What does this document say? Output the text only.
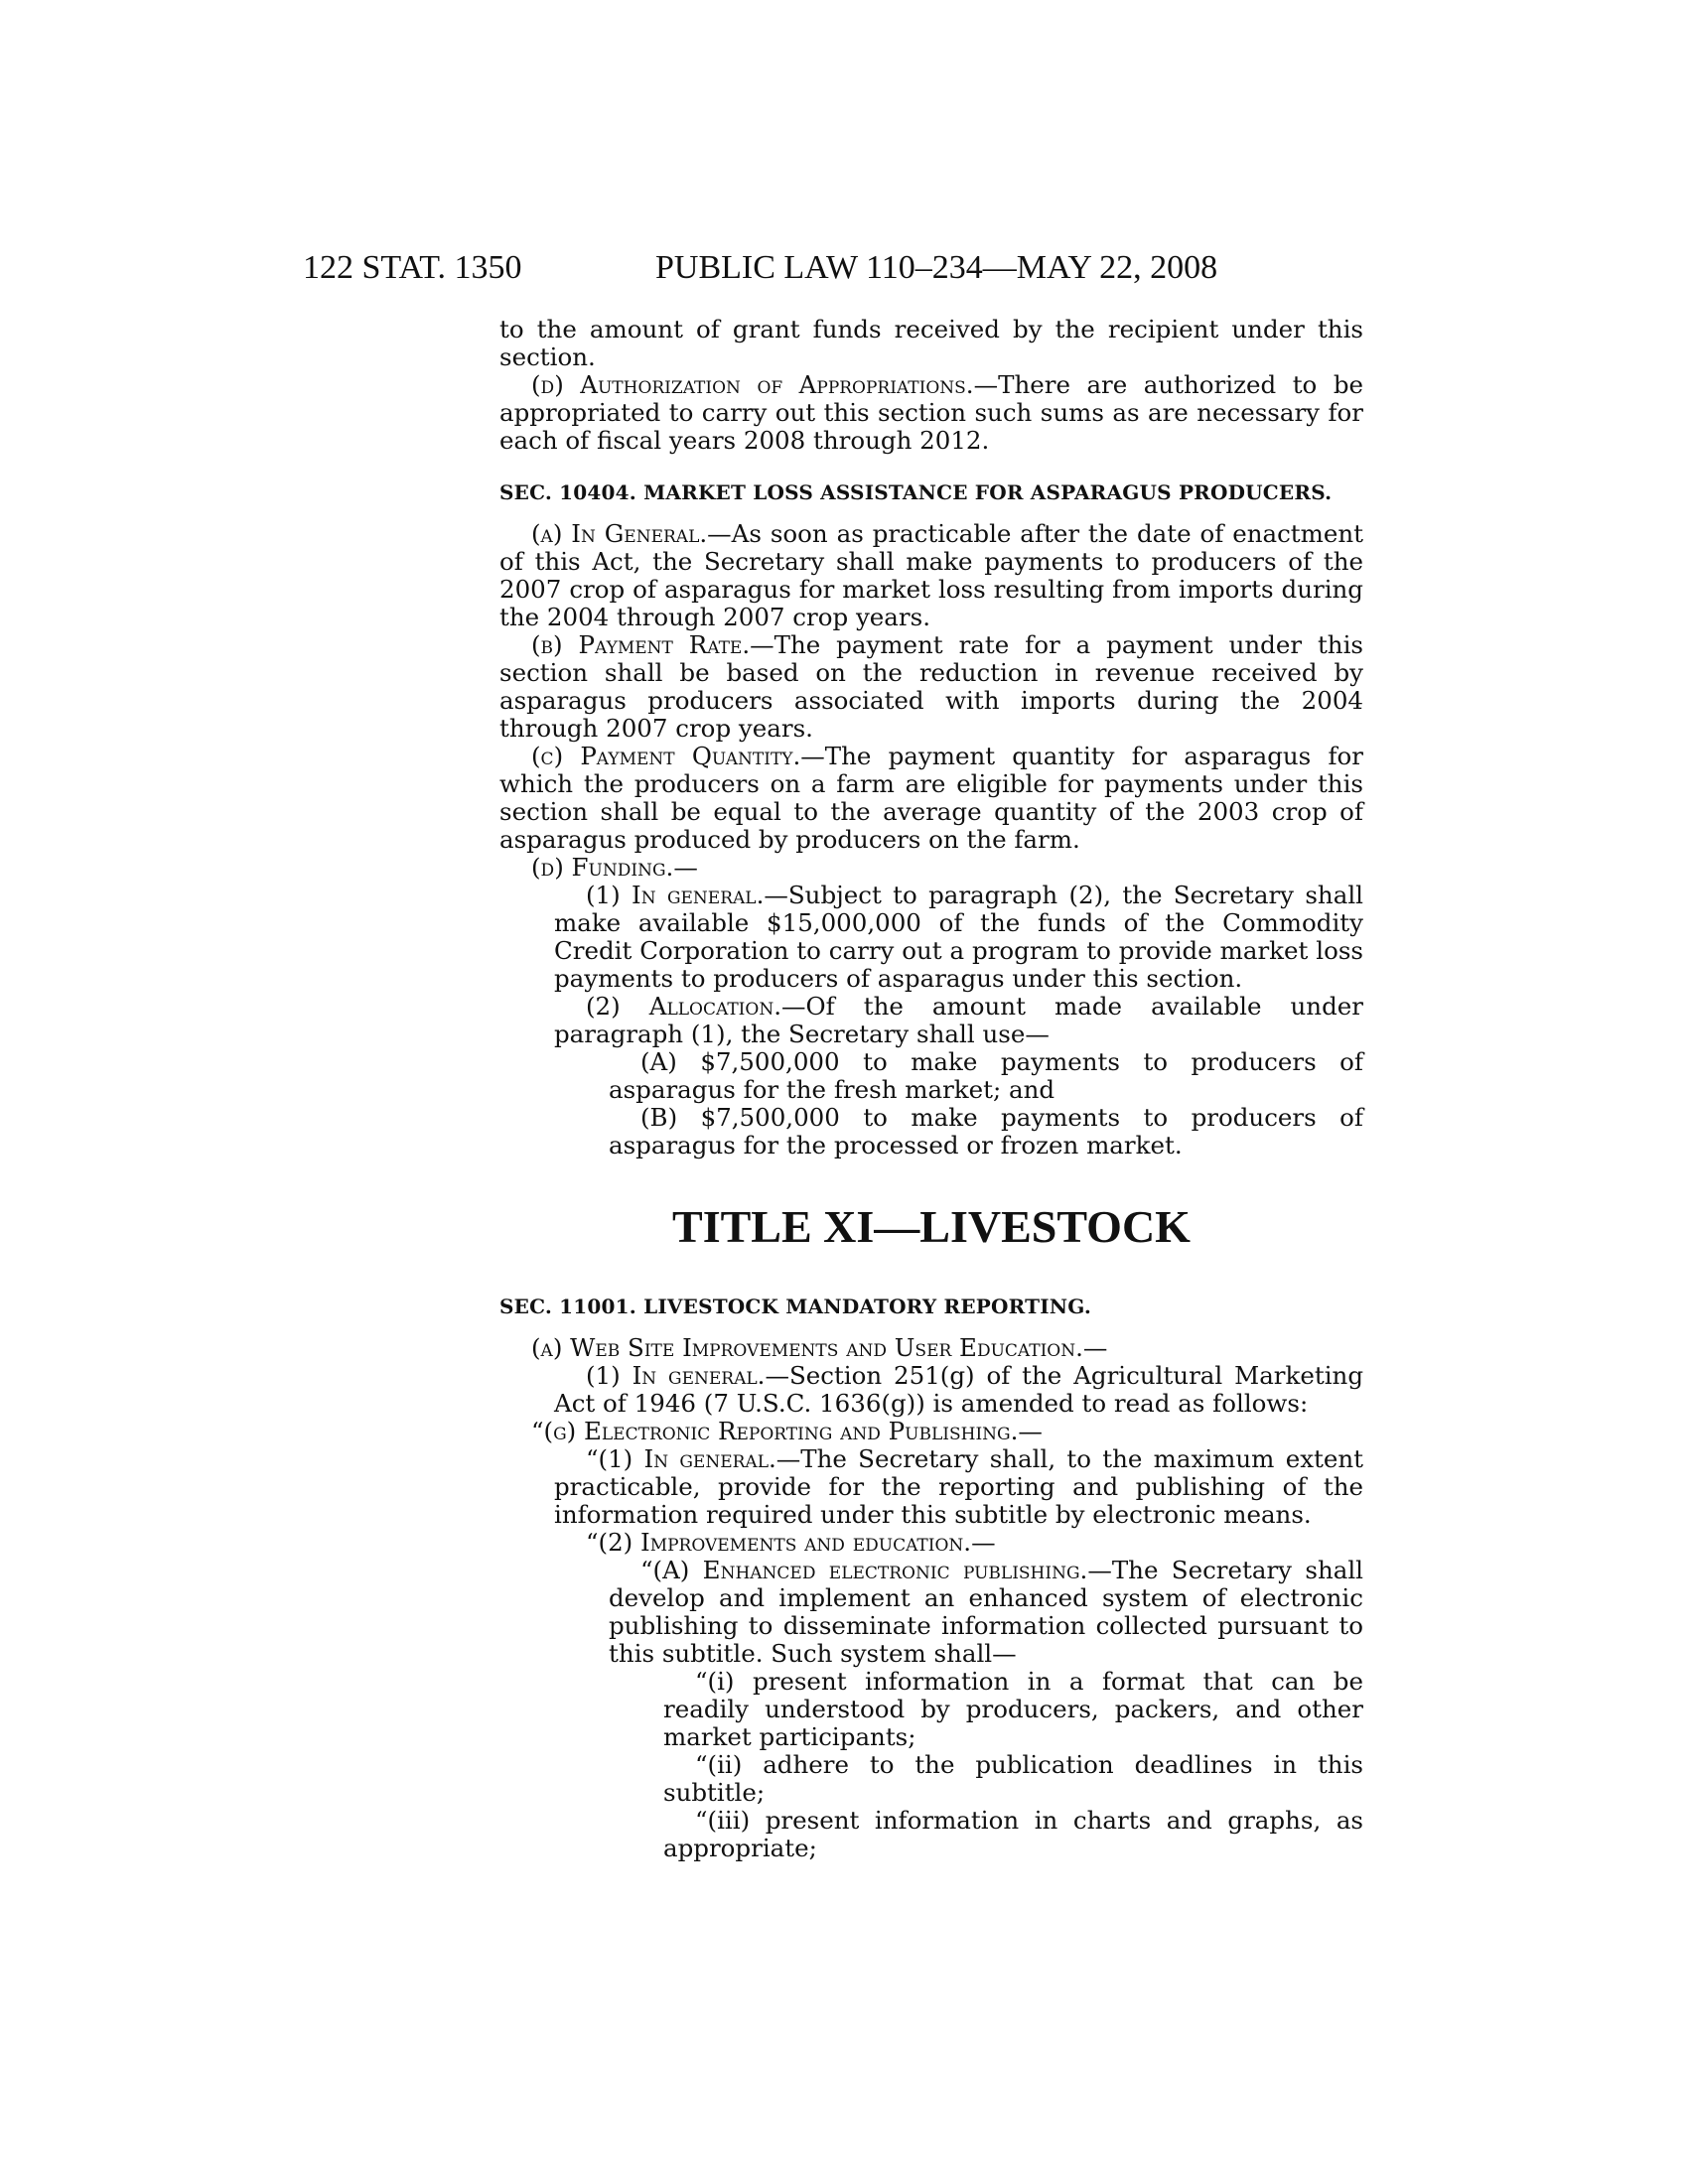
122 STAT. 1350	PUBLIC LAW 110–234—MAY 22, 2008

to the amount of grant funds received by the recipient under this section.

(d) Authorization of Appropriations.—There are authorized to be appropriated to carry out this section such sums as are necessary for each of fiscal years 2008 through 2012.

SEC. 10404. MARKET LOSS ASSISTANCE FOR ASPARAGUS PRODUCERS.

(a) In General.—As soon as practicable after the date of enactment of this Act, the Secretary shall make payments to producers of the 2007 crop of asparagus for market loss resulting from imports during the 2004 through 2007 crop years.

(b) Payment Rate.—The payment rate for a payment under this section shall be based on the reduction in revenue received by asparagus producers associated with imports during the 2004 through 2007 crop years.

(c) Payment Quantity.—The payment quantity for asparagus for which the producers on a farm are eligible for payments under this section shall be equal to the average quantity of the 2003 crop of asparagus produced by producers on the farm.

(d) Funding.—

(1) In general.—Subject to paragraph (2), the Secretary shall make available $15,000,000 of the funds of the Commodity Credit Corporation to carry out a program to provide market loss payments to producers of asparagus under this section.

(2) Allocation.—Of the amount made available under paragraph (1), the Secretary shall use—

(A) $7,500,000 to make payments to producers of asparagus for the fresh market; and

(B) $7,500,000 to make payments to producers of asparagus for the processed or frozen market.

TITLE XI—LIVESTOCK
SEC. 11001. LIVESTOCK MANDATORY REPORTING.

(a) Web Site Improvements and User Education.—

(1) In general.—Section 251(g) of the Agricultural Marketing Act of 1946 (7 U.S.C. 1636(g)) is amended to read as follows:

“(g) Electronic Reporting and Publishing.—

“(1) In general.—The Secretary shall, to the maximum extent practicable, provide for the reporting and publishing of the information required under this subtitle by electronic means.

“(2) Improvements and education.—

“(A) Enhanced electronic publishing.—The Secretary shall develop and implement an enhanced system of electronic publishing to disseminate information collected pursuant to this subtitle. Such system shall—

“(i) present information in a format that can be readily understood by producers, packers, and other market participants;

“(ii) adhere to the publication deadlines in this subtitle;

“(iii) present information in charts and graphs, as appropriate;
